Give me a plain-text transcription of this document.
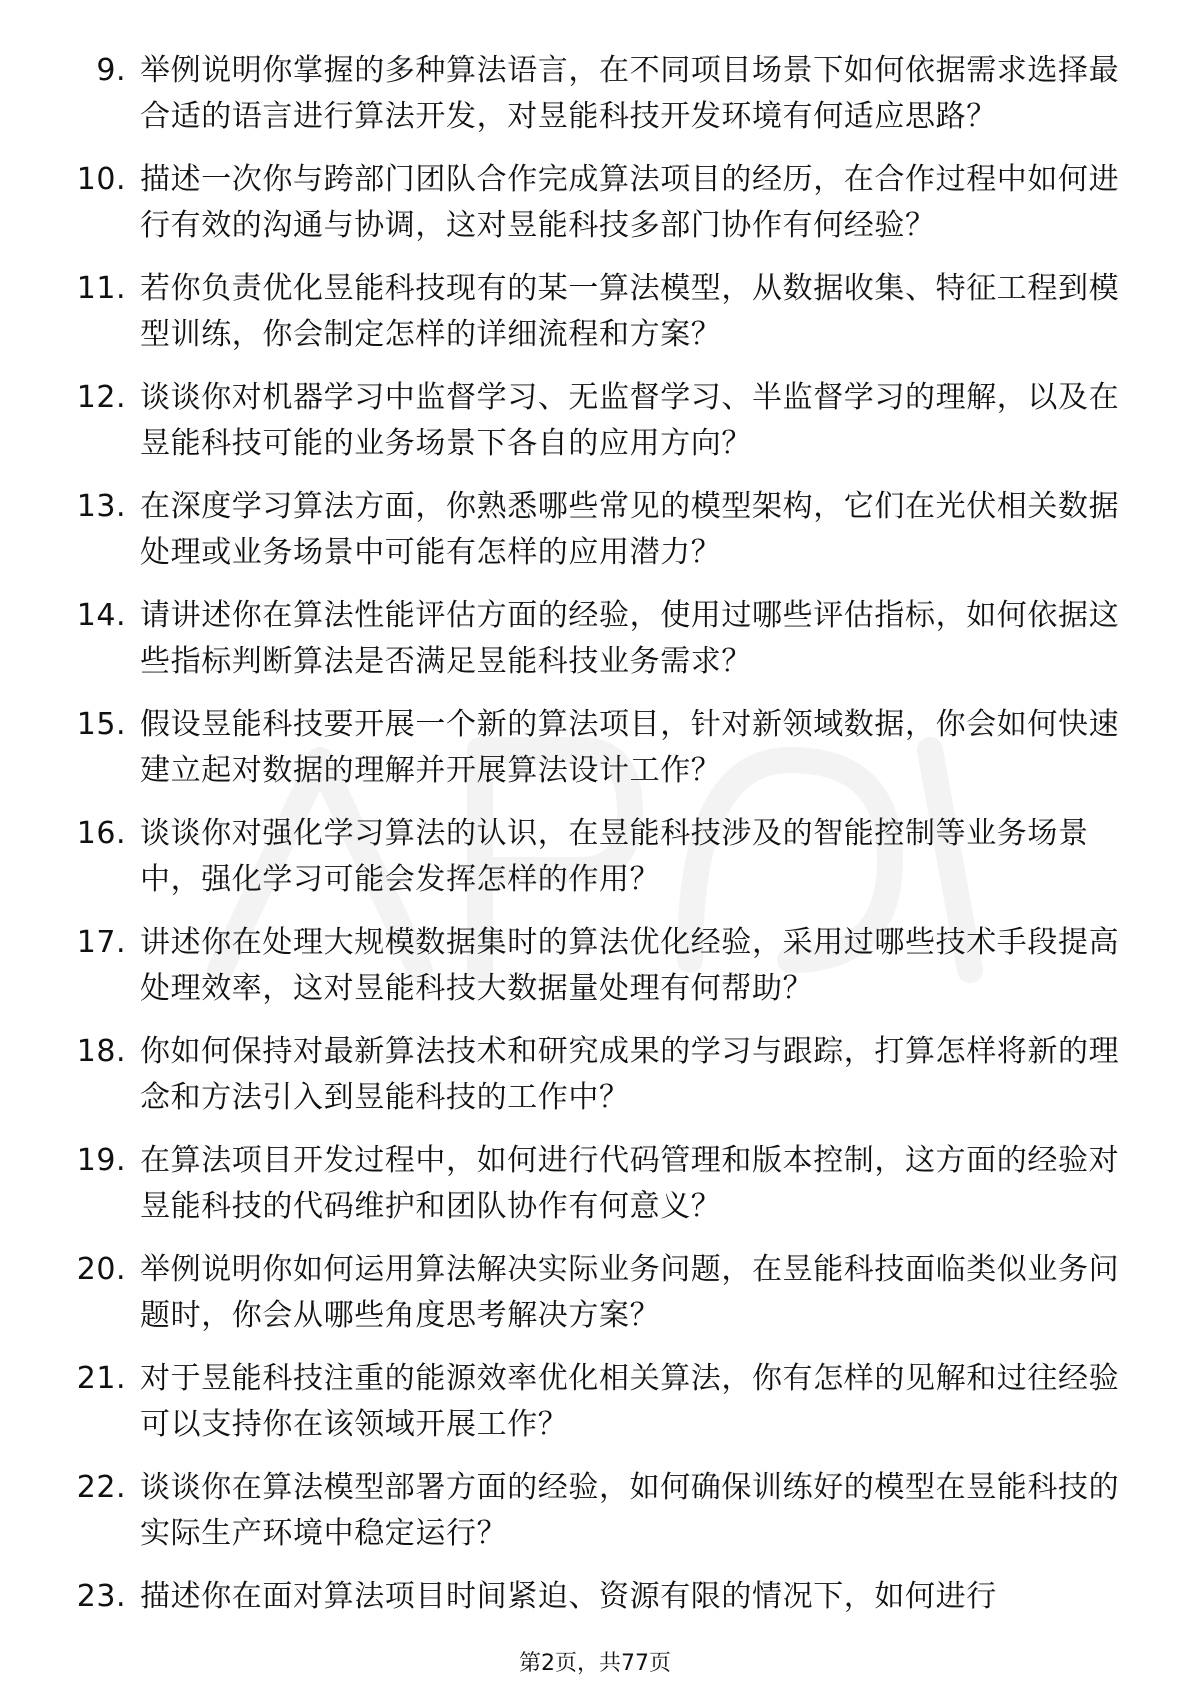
9. 举例说明你掌握的多种算法语言，在不同项目场景下如何依据需求选择最合适的语言进行算法开发，对昱能科技开发环境有何适应思路？
10. 描述一次你与跨部门团队合作完成算法项目的经历，在合作过程中如何进行有效的沟通与协调，这对昱能科技多部门协作有何经验？
11. 若你负责优化昱能科技现有的某一算法模型，从数据收集、特征工程到模型训练，你会制定怎样的详细流程和方案？
12. 谈谈你对机器学习中监督学习、无监督学习、半监督学习的理解，以及在昱能科技可能的业务场景下各自的应用方向？
13. 在深度学习算法方面，你熟悉哪些常见的模型架构，它们在光伏相关数据处理或业务场景中可能有怎样的应用潜力？
14. 请讲述你在算法性能评估方面的经验，使用过哪些评估指标，如何依据这些指标判断算法是否满足昱能科技业务需求？
15. 假设昱能科技要开展一个新的算法项目，针对新领域数据，你会如何快速建立起对数据的理解并开展算法设计工作？
16. 谈谈你对强化学习算法的认识，在昱能科技涉及的智能控制等业务场景中，强化学习可能会发挥怎样的作用？
17. 讲述你在处理大规模数据集时的算法优化经验，采用过哪些技术手段提高处理效率，这对昱能科技大数据量处理有何帮助？
18. 你如何保持对最新算法技术和研究成果的学习与跟踪，打算怎样将新的理念和方法引入到昱能科技的工作中？
19. 在算法项目开发过程中，如何进行代码管理和版本控制，这方面的经验对昱能科技的代码维护和团队协作有何意义？
20. 举例说明你如何运用算法解决实际业务问题，在昱能科技面临类似业务问题时，你会从哪些角度思考解决方案？
21. 对于昱能科技注重的能源效率优化相关算法，你有怎样的见解和过往经验可以支持你在该领域开展工作？
22. 谈谈你在算法模型部署方面的经验，如何确保训练好的模型在昱能科技的实际生产环境中稳定运行？
23. 描述你在面对算法项目时间紧迫、资源有限的情况下，如何进行
第2页，共77页
